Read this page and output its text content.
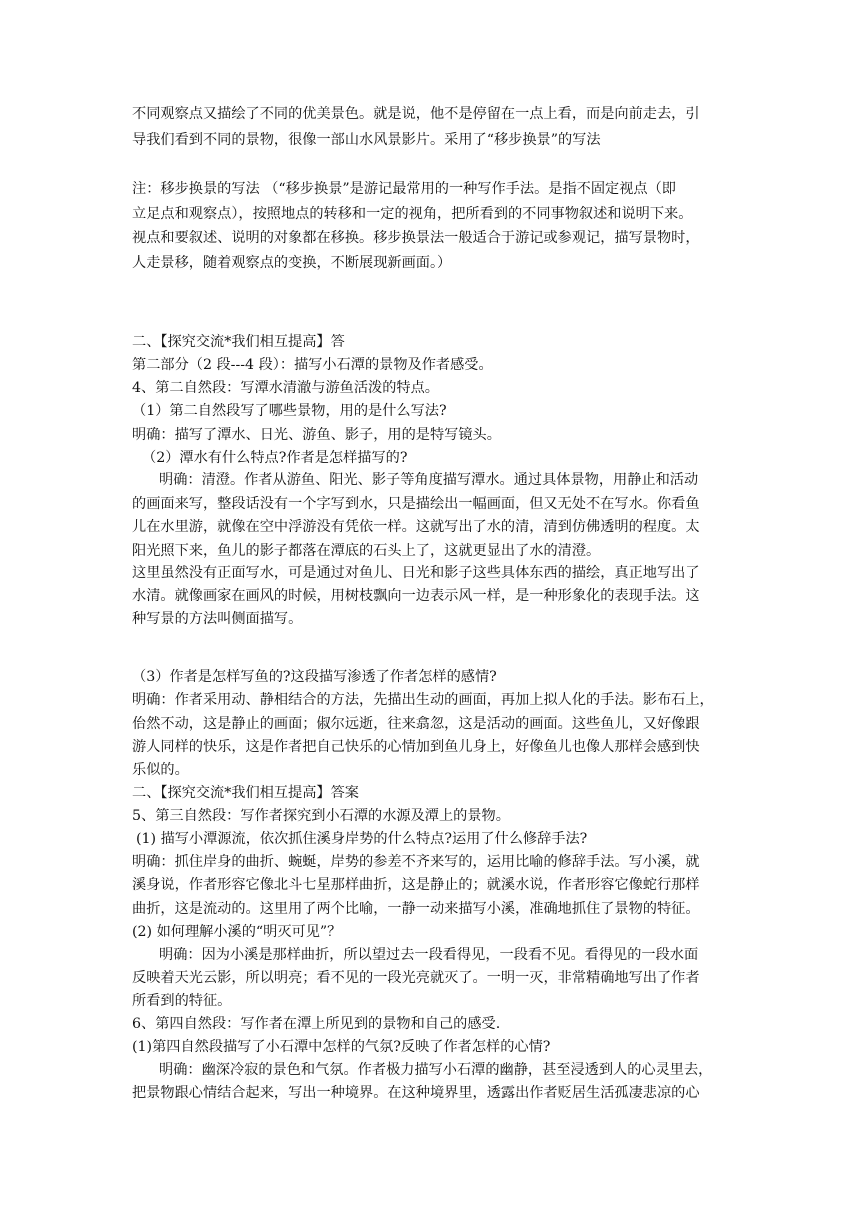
不同观察点又描绘了不同的优美景色。就是说，他不是停留在一点上看，而是向前走去，引
导我们看到不同的景物，很像一部山水风景影片。采用了“移步换景”的写法
注：移步换景的写法 （“移步换景”是游记最常用的一种写作手法。是指不固定视点（即
立足点和观察点），按照地点的转移和一定的视角，把所看到的不同事物叙述和说明下来。
视点和要叙述、说明的对象都在移换。移步换景法一般适合于游记或参观记，描写景物时，
人走景移，随着观察点的变换，不断展现新画面。）
二、【探究交流*我们相互提高】答
第二部分（2 段---4 段）：描写小石潭的景物及作者感受。
4、第二自然段：写潭水清澈与游鱼活泼的特点。
（1）第二自然段写了哪些景物，用的是什么写法?
明确：描写了潭水、日光、游鱼、影子，用的是特写镜头。
（2）潭水有什么特点?作者是怎样描写的?
明确：清澄。作者从游鱼、阳光、影子等角度描写潭水。通过具体景物，用静止和活动
的画面来写，整段话没有一个字写到水，只是描绘出一幅画面，但又无处不在写水。你看鱼
儿在水里游，就像在空中浮游没有凭依一样。这就写出了水的清，清到仿佛透明的程度。太
阳光照下来，鱼儿的影子都落在潭底的石头上了，这就更显出了水的清澄。
这里虽然没有正面写水，可是通过对鱼儿、日光和影子这些具体东西的描绘，真正地写出了
水清。就像画家在画风的时候，用树枝飘向一边表示风一样，是一种形象化的表现手法。这
种写景的方法叫侧面描写。
（3）作者是怎样写鱼的?这段描写渗透了作者怎样的感情?
明确：作者采用动、静相结合的方法，先描出生动的画面，再加上拟人化的手法。影布石上，
佁然不动，这是静止的画面；俶尔远逝，往来翕忽，这是活动的画面。这些鱼儿，又好像跟
游人同样的快乐，这是作者把自己快乐的心情加到鱼儿身上，好像鱼儿也像人那样会感到快
乐似的。
二、【探究交流*我们相互提高】答案
5、第三自然段：写作者探究到小石潭的水源及潭上的景物。
(1) 描写小潭源流，依次抓住溪身岸势的什么特点?运用了什么修辞手法?
明确：抓住岸身的曲折、蜿蜒，岸势的参差不齐来写的，运用比喻的修辞手法。写小溪，就
溪身说，作者形容它像北斗七星那样曲折，这是静止的；就溪水说，作者形容它像蛇行那样
曲折，这是流动的。这里用了两个比喻，一静一动来描写小溪，准确地抓住了景物的特征。
(2) 如何理解小溪的“明灭可见”？
明确：因为小溪是那样曲折，所以望过去一段看得见，一段看不见。看得见的一段水面
反映着天光云影，所以明亮；看不见的一段光亮就灭了。一明一灭，非常精确地写出了作者
所看到的特征。
6、第四自然段：写作者在潭上所见到的景物和自己的感受.
(1)第四自然段描写了小石潭中怎样的气氛?反映了作者怎样的心情?
明确：幽深冷寂的景色和气氛。作者极力描写小石潭的幽静，甚至浸透到人的心灵里去，
把景物跟心情结合起来，写出一种境界。在这种境界里，透露出作者贬居生活孤凄悲凉的心
